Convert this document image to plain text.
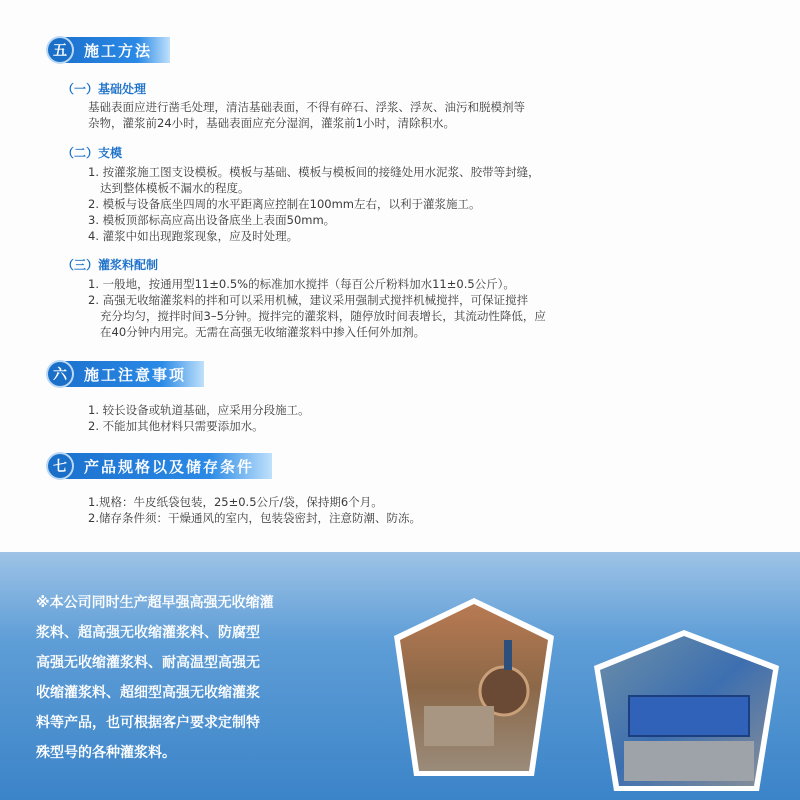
五	施工方法
（一）基础处理
基础表面应进行凿毛处理，清洁基础表面，不得有碎石、浮浆、浮灰、油污和脱模剂等
杂物，灌浆前24小时，基础表面应充分湿润，灌浆前1小时，清除积水。
（二）支模
1. 按灌浆施工图支设模板。模板与基础、模板与模板间的接缝处用水泥浆、胶带等封缝，
达到整体模板不漏水的程度。
2. 模板与设备底坐四周的水平距离应控制在100mm左右，以利于灌浆施工。
3. 模板顶部标高应高出设备底坐上表面50mm。
4. 灌浆中如出现跑浆现象，应及时处理。
（三）灌浆料配制
1. 一般地，按通用型11±0.5%的标准加水搅拌（每百公斤粉料加水11±0.5公斤）。
2. 高强无收缩灌浆料的拌和可以采用机械，建议采用强制式搅拌机械搅拌，可保证搅拌
充分均匀，搅拌时间3–5分钟。搅拌完的灌浆料，随停放时间表增长，其流动性降低，应
在40分钟内用完。无需在高强无收缩灌浆料中掺入任何外加剂。
六	施工注意事项
1. 较长设备或轨道基础，应采用分段施工。
2. 不能加其他材料只需要添加水。
七	产品规格以及储存条件
1.规格：牛皮纸袋包装，25±0.5公斤/袋，保持期6个月。
2.储存条件须：干燥通风的室内，包装袋密封，注意防潮、防冻。
※本公司同时生产超早强高强无收缩灌
浆料、超高强无收缩灌浆料、防腐型
高强无收缩灌浆料、耐高温型高强无
收缩灌浆料、超细型高强无收缩灌浆
料等产品，也可根据客户要求定制特
殊型号的各种灌浆料。
